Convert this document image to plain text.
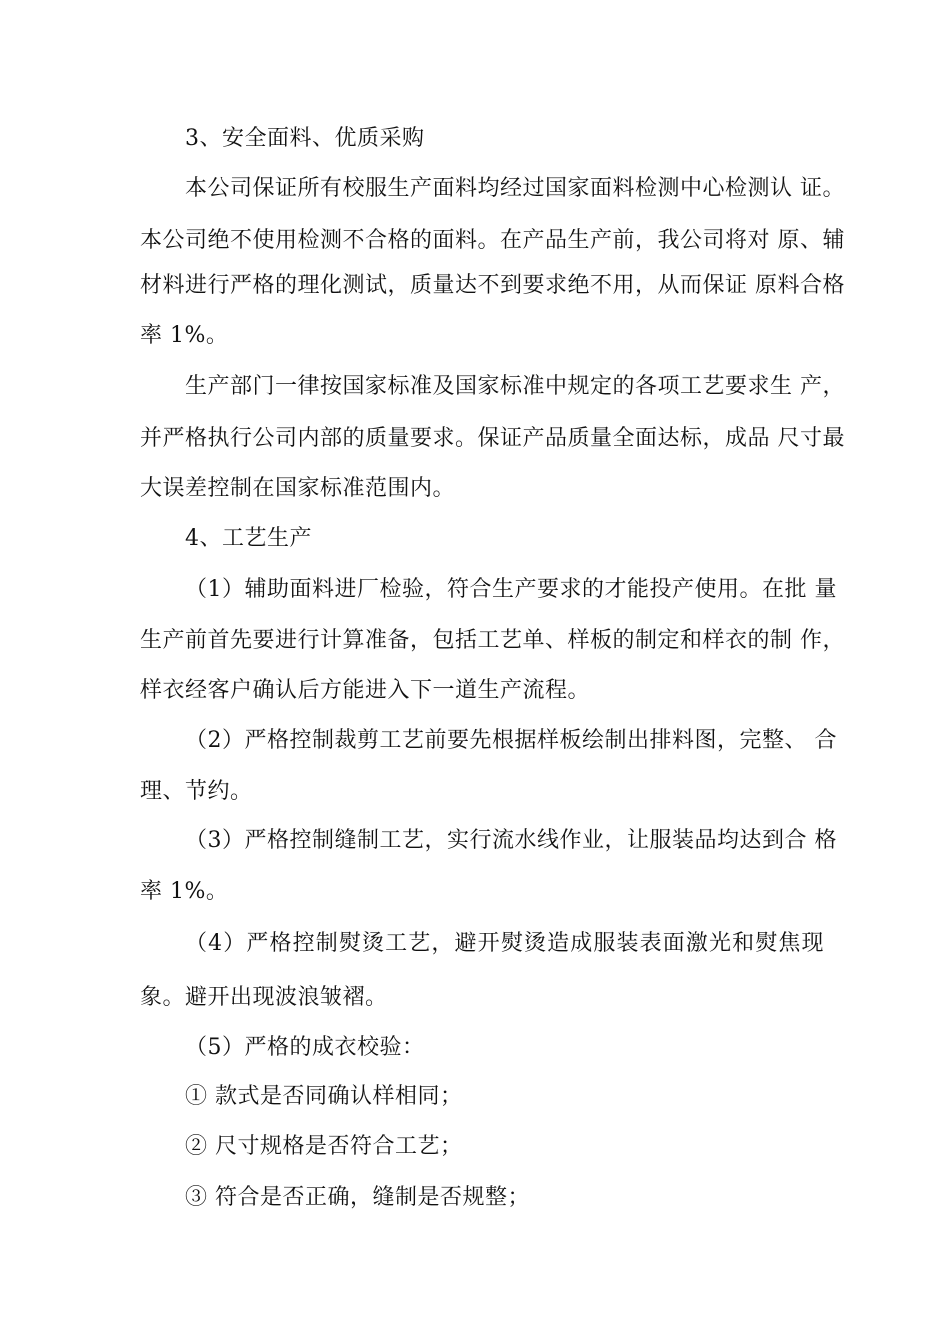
3、安全面料、优质采购
本公司保证所有校服生产面料均经过国家面料检测中心检测认 证。
本公司绝不使用检测不合格的面料。在产品生产前，我公司将对 原、辅
材料进行严格的理化测试，质量达不到要求绝不用，从而保证 原料合格
率 1%。
生产部门一律按国家标准及国家标准中规定的各项工艺要求生 产，
并严格执行公司内部的质量要求。保证产品质量全面达标，成品 尺寸最
大误差控制在国家标准范围内。
4、工艺生产
（1）辅助面料进厂检验，符合生产要求的才能投产使用。在批 量
生产前首先要进行计算准备，包括工艺单、样板的制定和样衣的制 作，
样衣经客户确认后方能进入下一道生产流程。
（2）严格控制裁剪工艺前要先根据样板绘制出排料图，完整、 合
理、节约。
（3）严格控制缝制工艺，实行流水线作业，让服装品均达到合 格
率 1%。
（4）严格控制熨烫工艺，避开熨烫造成服装表面激光和熨焦现
象。避开出现波浪皱褶。
（5）严格的成衣校验：
① 款式是否同确认样相同；
② 尺寸规格是否符合工艺；
③ 符合是否正确，缝制是否规整；
